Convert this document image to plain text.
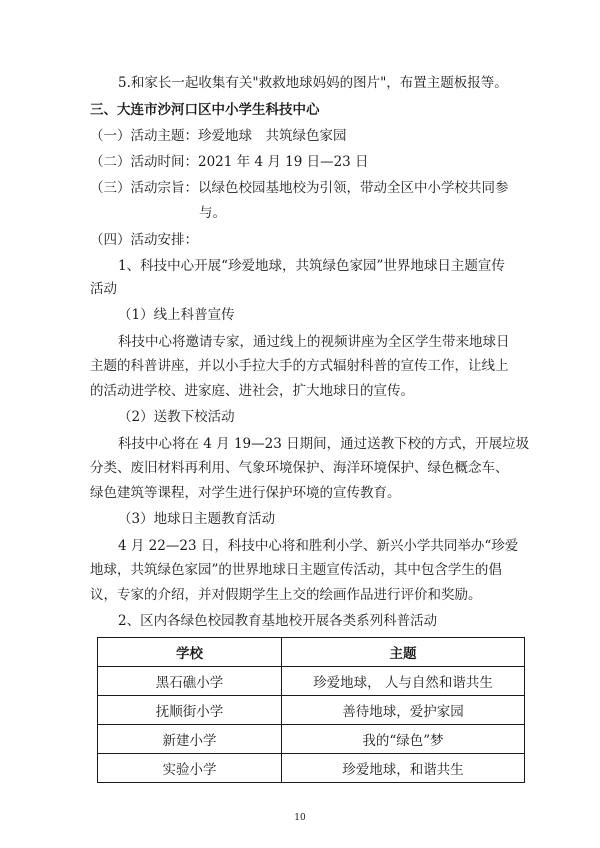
5.和家长一起收集有关"救救地球妈妈的图片"，布置主题板报等。
三、大连市沙河口区中小学生科技中心
（一）活动主题：珍爱地球　共筑绿色家园
（二）活动时间：2021 年 4 月 19 日—23 日
（三）活动宗旨：以绿色校园基地校为引领，带动全区中小学校共同参
与。
（四）活动安排：
1、科技中心开展“珍爱地球，共筑绿色家园”世界地球日主题宣传
活动
（1）线上科普宣传
科技中心将邀请专家，通过线上的视频讲座为全区学生带来地球日
主题的科普讲座，并以小手拉大手的方式辐射科普的宣传工作，让线上
的活动进学校、进家庭、进社会，扩大地球日的宣传。
（2）送教下校活动
科技中心将在 4 月 19—23 日期间，通过送教下校的方式，开展垃圾
分类、废旧材料再利用、气象环境保护、海洋环境保护、绿色概念车、
绿色建筑等课程，对学生进行保护环境的宣传教育。
（3）地球日主题教育活动
4 月 22—23 日，科技中心将和胜利小学、新兴小学共同举办“珍爱
地球，共筑绿色家园”的世界地球日主题宣传活动，其中包含学生的倡
议，专家的介绍，并对假期学生上交的绘画作品进行评价和奖励。
2、区内各绿色校园教育基地校开展各类系列科普活动
学校	主题
黑石礁小学	珍爱地球， 人与自然和谐共生
抚顺街小学	善待地球，爱护家园
新建小学	我的“绿色”梦
实验小学	珍爱地球，和谐共生
10
